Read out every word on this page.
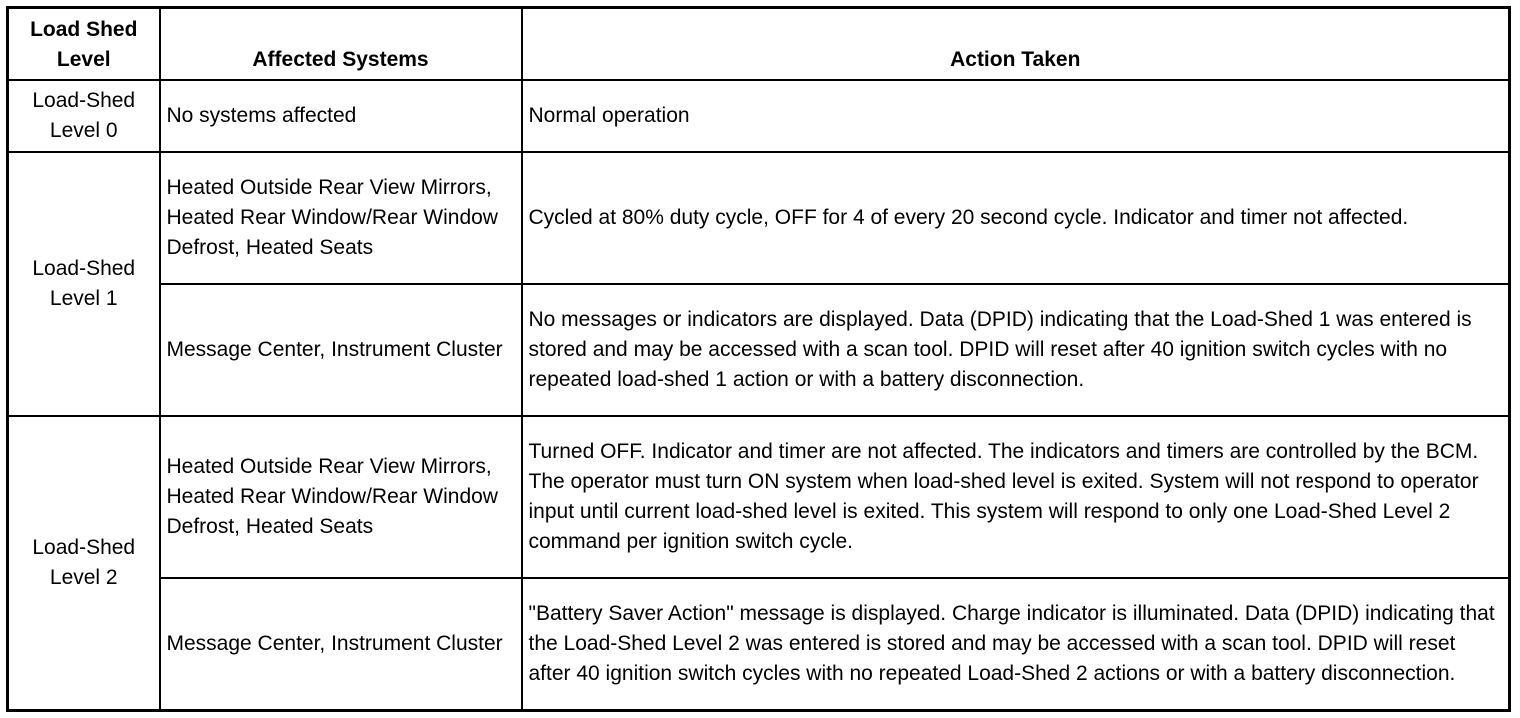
Load Shed Level	Affected Systems	Action Taken
Load-Shed Level 0	No systems affected	Normal operation
Load-Shed Level 1	Heated Outside Rear View Mirrors, Heated Rear Window/Rear Window Defrost, Heated Seats	Cycled at 80% duty cycle, OFF for 4 of every 20 second cycle. Indicator and timer not affected.
	Message Center, Instrument Cluster	No messages or indicators are displayed. Data (DPID) indicating that the Load-Shed 1 was entered is stored and may be accessed with a scan tool. DPID will reset after 40 ignition switch cycles with no repeated load-shed 1 action or with a battery disconnection.
Load-Shed Level 2	Heated Outside Rear View Mirrors, Heated Rear Window/Rear Window Defrost, Heated Seats	Turned OFF. Indicator and timer are not affected. The indicators and timers are controlled by the BCM. The operator must turn ON system when load-shed level is exited. System will not respond to operator input until current load-shed level is exited. This system will respond to only one Load-Shed Level 2 command per ignition switch cycle.
	Message Center, Instrument Cluster	"Battery Saver Action" message is displayed. Charge indicator is illuminated. Data (DPID) indicating that the Load-Shed Level 2 was entered is stored and may be accessed with a scan tool. DPID will reset after 40 ignition switch cycles with no repeated Load-Shed 2 actions or with a battery disconnection.
